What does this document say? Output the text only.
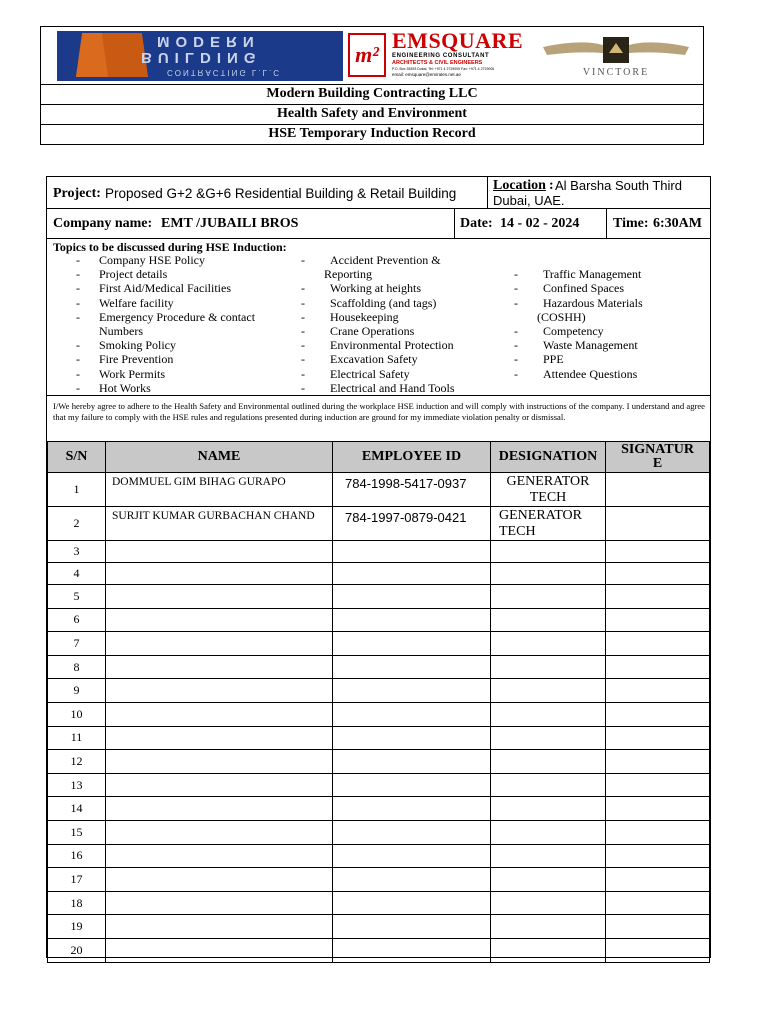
MODERN
BUILDING
CONTRACTING L.L.C
m²
EMSQUARE
ENGINEERING CONSULTANT
ARCHITECTS & CIVIL ENGINEERS
P.O. Box 35393 Dubai, Tel: +971 4 2729009 Fax: +971 4 2729006
email: emsquare@emirates.net.ae	VINCTORE
Modern Building Contracting LLC
Health Safety and Environment
HSE Temporary Induction Record
Project: Proposed G+2 &G+6 Residential Building & Retail Building
Location : Al Barsha South Third
Dubai, UAE.
Company name: EMT /JUBAILI BROS	Date: 14 - 02 - 2024 Time: 6:30AM
Topics to be discussed during HSE Induction:
- Company HSE Policy
- Project details
- First Aid/Medical Facilities
- Welfare facility
- Emergency Procedure & contact
Numbers
- Smoking Policy
- Fire Prevention
- Work Permits
- Hot Works
- Accident Prevention &
Reporting
- Working at heights
- Scaffolding (and tags)
- Housekeeping
- Crane Operations
- Environmental Protection
- Excavation Safety
- Electrical Safety
- Electrical and Hand Tools
- Traffic Management
- Confined Spaces
- Hazardous Materials
(COSHH)
- Competency
- Waste Management
- PPE
- Attendee Questions
I/We hereby agree to adhere to the Health Safety and Environmental outlined during the workplace HSE induction and will comply with instructions of the company. I understand and agree that my failure to comply with the HSE rules and regulations presented during induction are ground for my immediate violation penalty or dismissal.
S/N	NAME	EMPLOYEE ID	DESIGNATION	SIGNATUR E
1	DOMMUEL GIM BIHAG GURAPO	784-1998-5417-0937	GENERATOR TECH	
2	SURJIT KUMAR GURBACHAN CHAND	784-1997-0879-0421	GENERATOR TECH	
3				
4				
5				
6				
7				
8				
9				
10				
11				
12				
13				
14				
15				
16				
17				
18				
19				
20				
